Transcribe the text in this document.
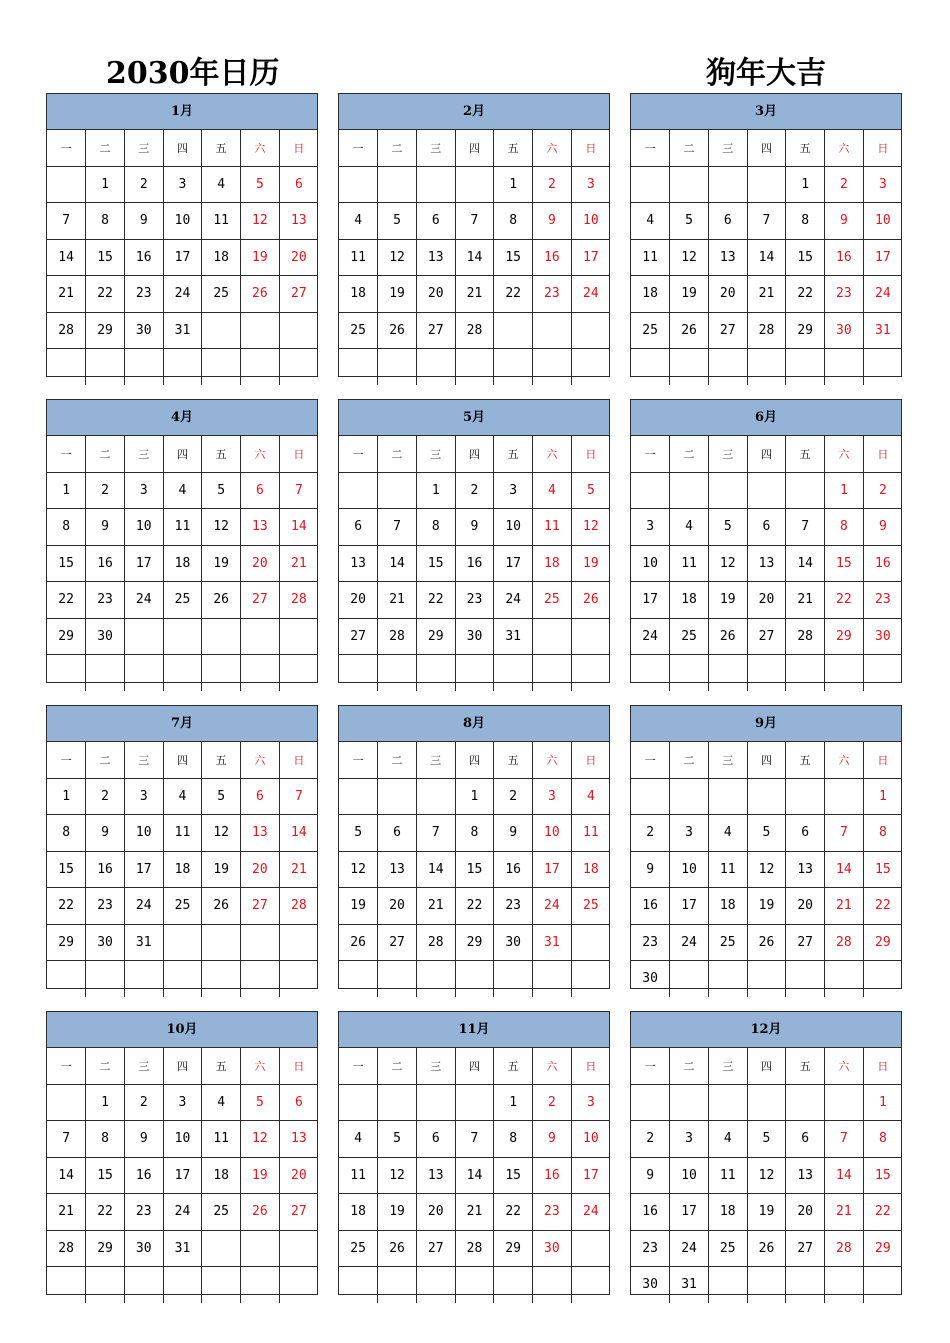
2030年日历	狗年大吉
1月
一	二	三	四	五	六	日
	1	2	3	4	5	6
7	8	9	10	11	12	13
14	15	16	17	18	19	20
21	22	23	24	25	26	27
28	29	30	31			

2月
一	二	三	四	五	六	日
				1	2	3
4	5	6	7	8	9	10
11	12	13	14	15	16	17
18	19	20	21	22	23	24
25	26	27	28			

3月
一	二	三	四	五	六	日
				1	2	3
4	5	6	7	8	9	10
11	12	13	14	15	16	17
18	19	20	21	22	23	24
25	26	27	28	29	30	31

4月
一	二	三	四	五	六	日
1	2	3	4	5	6	7
8	9	10	11	12	13	14
15	16	17	18	19	20	21
22	23	24	25	26	27	28
29	30					

5月
一	二	三	四	五	六	日
		1	2	3	4	5
6	7	8	9	10	11	12
13	14	15	16	17	18	19
20	21	22	23	24	25	26
27	28	29	30	31		

6月
一	二	三	四	五	六	日
					1	2
3	4	5	6	7	8	9
10	11	12	13	14	15	16
17	18	19	20	21	22	23
24	25	26	27	28	29	30

7月
一	二	三	四	五	六	日
1	2	3	4	5	6	7
8	9	10	11	12	13	14
15	16	17	18	19	20	21
22	23	24	25	26	27	28
29	30	31				

8月
一	二	三	四	五	六	日
			1	2	3	4
5	6	7	8	9	10	11
12	13	14	15	16	17	18
19	20	21	22	23	24	25
26	27	28	29	30	31	

9月
一	二	三	四	五	六	日
						1
2	3	4	5	6	7	8
9	10	11	12	13	14	15
16	17	18	19	20	21	22
23	24	25	26	27	28	29
30						
10月
一	二	三	四	五	六	日
	1	2	3	4	5	6
7	8	9	10	11	12	13
14	15	16	17	18	19	20
21	22	23	24	25	26	27
28	29	30	31			

11月
一	二	三	四	五	六	日
				1	2	3
4	5	6	7	8	9	10
11	12	13	14	15	16	17
18	19	20	21	22	23	24
25	26	27	28	29	30	

12月
一	二	三	四	五	六	日
						1
2	3	4	5	6	7	8
9	10	11	12	13	14	15
16	17	18	19	20	21	22
23	24	25	26	27	28	29
30	31					
